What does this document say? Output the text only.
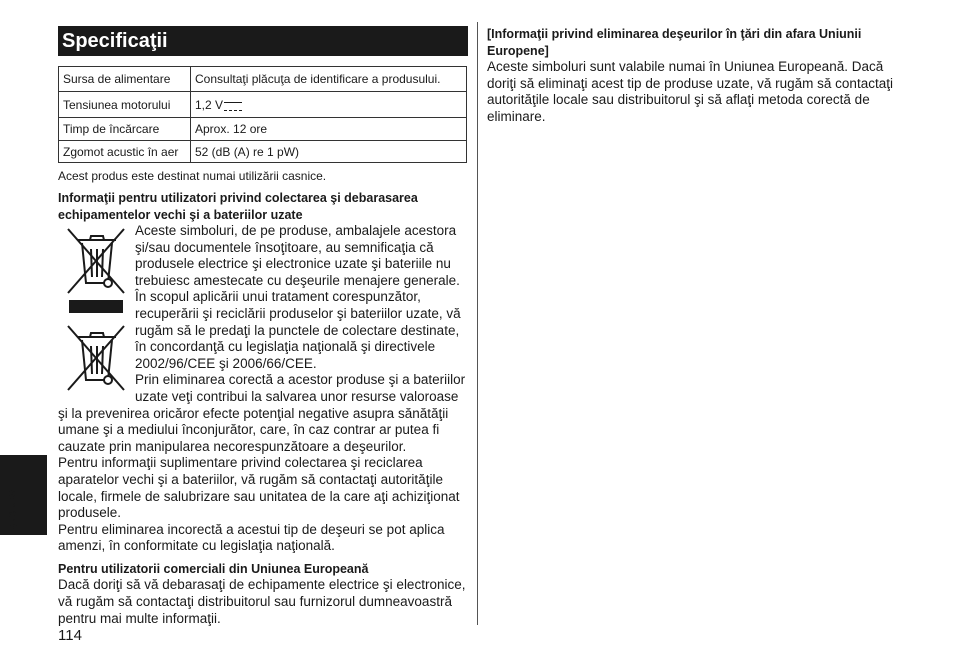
Română
Specificaţii
Sursa de alimentare	Consultaţi plăcuţa de identificare a produsului.
Tensiunea motorului	1,2 V
Timp de încărcare	Aprox. 12 ore
Zgomot acustic în aer	52 (dB (A) re 1 pW)
Acest produs este destinat numai utilizării casnice.
Informaţii pentru utilizatori privind colectarea şi debarasarea echipamentelor vechi şi a bateriilor uzate
Aceste simboluri, de pe produse, ambalajele acestora şi/sau documentele însoţitoare, au semnificaţia că produsele electrice şi electronice uzate şi bateriile nu trebuiesc amestecate cu deşeurile menajere generale.
În scopul aplicării unui tratament corespunzător, recuperării şi reciclării produselor şi bateriilor uzate, vă rugăm să le predaţi la punctele de colectare destinate, în concordanţă cu legislaţia naţională şi directivele 2002/96/CEE şi 2006/66/CEE.
Prin eliminarea corectă a acestor produse şi a bateriilor uzate veţi contribui la salvarea unor resurse valoroase şi la prevenirea oricăror efecte potenţial negative asupra sănătăţii umane şi a mediului înconjurător, care, în caz contrar ar putea fi cauzate prin manipularea necorespunzătoare a deşeurilor.
Pentru informaţii suplimentare privind colectarea şi reciclarea aparatelor vechi şi a bateriilor, vă rugăm să contactaţi autorităţile locale, firmele de salubrizare sau unitatea de la care aţi achiziţionat produsele.
Pentru eliminarea incorectă a acestui tip de deşeuri se pot aplica amenzi, în conformitate cu legislaţia naţională.
Pentru utilizatorii comerciali din Uniunea Europeană
Dacă doriţi să vă debarasaţi de echipamente electrice şi electronice, vă rugăm să contactaţi distribuitorul sau furnizorul dumneavoastră pentru mai multe informaţii.
[Informaţii privind eliminarea deşeurilor în ţări din afara Uniunii Europene]
Aceste simboluri sunt valabile numai în Uniunea Europeană. Dacă doriţi să eliminaţi acest tip de produse uzate, vă rugăm să contactaţi autorităţile locale sau distribuitorul şi să aflaţi metoda corectă de eliminare.
114
